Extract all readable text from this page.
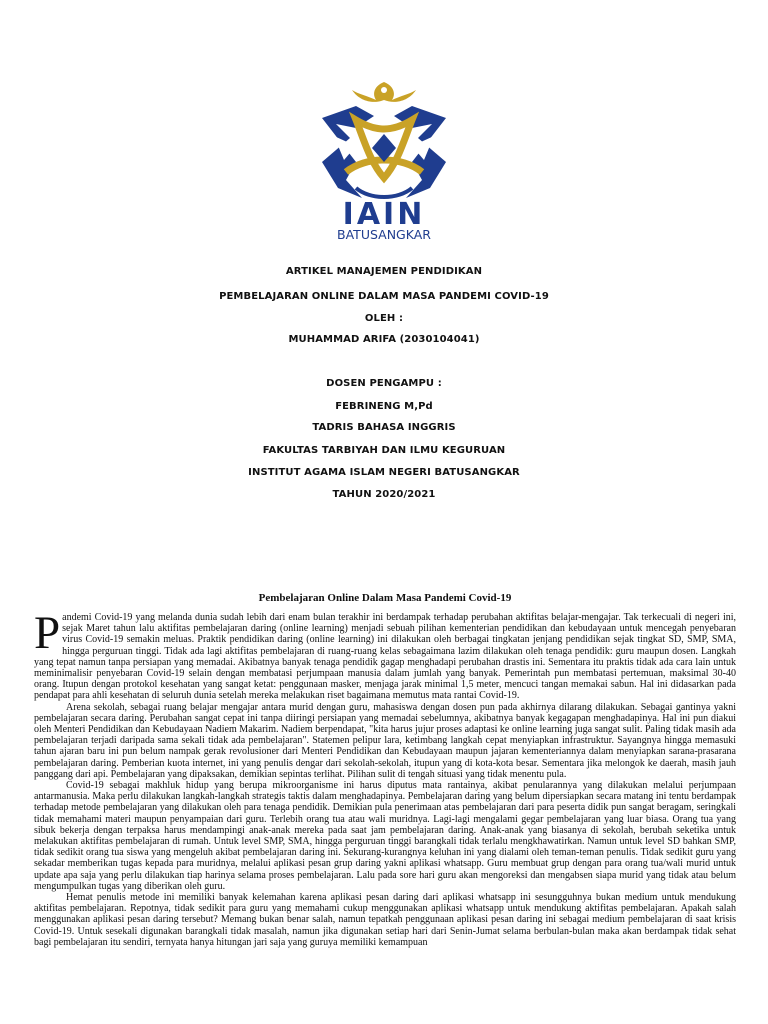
IAIN
BATUSANGKAR
ARTIKEL MANAJEMEN PENDIDIKAN
PEMBELAJARAN ONLINE DALAM MASA PANDEMI COVID-19
OLEH :
MUHAMMAD ARIFA (2030104041)
DOSEN PENGAMPU :
FEBRINENG M,Pd
TADRIS BAHASA INGGRIS
FAKULTAS TARBIYAH DAN ILMU KEGURUAN
INSTITUT AGAMA ISLAM NEGERI BATUSANGKAR
TAHUN 2020/2021
Pembelajaran Online Dalam Masa Pandemi Covid-19

Pandemi Covid-19 yang melanda dunia sudah lebih dari enam bulan terakhir ini berdampak terhadap perubahan aktifitas belajar-mengajar. Tak terkecuali di negeri ini, sejak Maret tahun lalu aktifitas pembelajaran daring (online learning) menjadi sebuah pilihan kementerian pendidikan dan kebudayaan untuk mencegah penyebaran virus Covid-19 semakin meluas. Praktik pendidikan daring (online learning) ini dilakukan oleh berbagai tingkatan jenjang pendidikan sejak tingkat SD, SMP, SMA, hingga perguruan tinggi. Tidak ada lagi aktifitas pembelajaran di ruang-ruang kelas sebagaimana lazim dilakukan oleh tenaga pendidik: guru maupun dosen. Langkah yang tepat namun tanpa persiapan yang memadai. Akibatnya banyak tenaga pendidik gagap menghadapi perubahan drastis ini. Sementara itu praktis tidak ada cara lain untuk meminimalisir penyebaran Covid-19 selain dengan membatasi perjumpaan manusia dalam jumlah yang banyak. Pemerintah pun membatasi pertemuan, maksimal 30-40 orang. Itupun dengan protokol kesehatan yang sangat ketat: penggunaan masker, menjaga jarak minimal 1,5 meter, mencuci tangan memakai sabun. Hal ini didasarkan pada pendapat para ahli kesehatan di seluruh dunia setelah mereka melakukan riset bagaimana memutus mata rantai Covid-19.

Arena sekolah, sebagai ruang belajar mengajar antara murid dengan guru, mahasiswa dengan dosen pun pada akhirnya dilarang dilakukan. Sebagai gantinya yakni pembelajaran secara daring. Perubahan sangat cepat ini tanpa diiringi persiapan yang memadai sebelumnya, akibatnya banyak kegagapan menghadapinya. Hal ini pun diakui oleh Menteri Pendidikan dan Kebudayaan Nadiem Makarim. Nadiem berpendapat, "kita harus jujur proses adaptasi ke online learning juga sangat sulit. Paling tidak masih ada pembelajaran terjadi daripada sama sekali tidak ada pembelajaran". Statemen pelipur lara, ketimbang langkah cepat menyiapkan infrastruktur. Sayangnya hingga memasuki tahun ajaran baru ini pun belum nampak gerak revolusioner dari Menteri Pendidikan dan Kebudayaan maupun jajaran kementeriannya dalam menyiapkan sarana-prasarana pembelajaran daring. Pemberian kuota internet, ini yang penulis dengar dari sekolah-sekolah, itupun yang di kota-kota besar. Sementara jika melongok ke daerah, masih jauh panggang dari api. Pembelajaran yang dipaksakan, demikian sepintas terlihat. Pilihan sulit di tengah situasi yang tidak menentu pula.

Covid-19 sebagai makhluk hidup yang berupa mikroorganisme ini harus diputus mata rantainya, akibat penularannya yang dilakukan melalui perjumpaan antarmanusia. Maka perlu dilakukan langkah-langkah strategis taktis dalam menghadapinya. Pembelajaran daring yang belum dipersiapkan secara matang ini tentu berdampak terhadap metode pembelajaran yang dilakukan oleh para tenaga pendidik. Demikian pula penerimaan atas pembelajaran dari para peserta didik pun sangat beragam, seringkali tidak memahami materi maupun penyampaian dari guru. Terlebih orang tua atau wali muridnya. Lagi-lagi mengalami gegar pembelajaran yang luar biasa. Orang tua yang sibuk bekerja dengan terpaksa harus mendampingi anak-anak mereka pada saat jam pembelajaran daring. Anak-anak yang biasanya di sekolah, berubah seketika untuk melakukan aktifitas pembelajaran di rumah. Untuk level SMP, SMA, hingga perguruan tinggi barangkali tidak terlalu mengkhawatirkan. Namun untuk level SD bahkan SMP, tidak sedikit orang tua siswa yang mengeluh akibat pembelajaran daring ini. Sekurang-kurangnya keluhan ini yang dialami oleh teman-teman penulis. Tidak sedikit guru yang sekadar memberikan tugas kepada para muridnya, melalui aplikasi pesan grup daring yakni aplikasi whatsapp. Guru membuat grup dengan para orang tua/wali murid untuk update apa saja yang perlu dilakukan tiap harinya selama proses pembelajaran. Lalu pada sore hari guru akan mengoreksi dan mengabsen siapa murid yang tidak atau belum mengumpulkan tugas yang diberikan oleh guru.

Hemat penulis metode ini memiliki banyak kelemahan karena aplikasi pesan daring dari aplikasi whatsapp ini sesungguhnya bukan medium untuk mendukung aktifitas pembelajaran. Repotnya, tidak sedikit para guru yang memahami cukup menggunakan aplikasi whatsapp untuk mendukung aktifitas pembelajaran. Apakah salah menggunakan aplikasi pesan daring tersebut? Memang bukan benar salah, namun tepatkah penggunaan aplikasi pesan daring ini sebagai medium pembelajaran di saat krisis Covid-19. Untuk sesekali digunakan barangkali tidak masalah, namun jika digunakan setiap hari dari Senin-Jumat selama berbulan-bulan maka akan berdampak tidak sehat bagi pembelajaran itu sendiri, ternyata hanya hitungan jari saja yang guruya memiliki kemampuan
